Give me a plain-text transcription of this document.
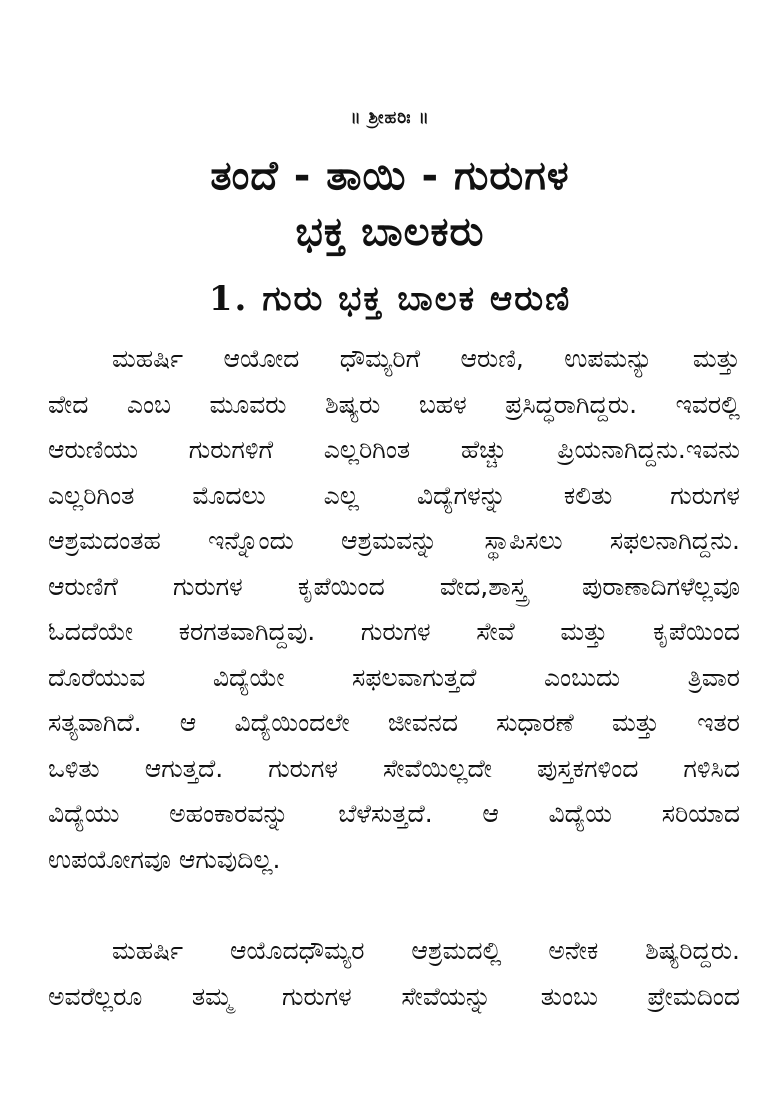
॥ ಶ್ರೀಹರಿಃ ॥
ತಂದೆ - ತಾಯಿ - ಗುರುಗಳ
ಭಕ್ತ ಬಾಲಕರು
1. ಗುರು ಭಕ್ತ ಬಾಲಕ ಆರುಣಿ

ಮಹರ್ಷಿ ಆಯೋದ ಧೌಮ್ಯರಿಗೆ ಆರುಣಿ, ಉಪಮನ್ಯು ಮತ್ತು
ವೇದ ಎಂಬ ಮೂವರು ಶಿಷ್ಯರು ಬಹಳ ಪ್ರಸಿದ್ಧರಾಗಿದ್ದರು. ಇವರಲ್ಲಿ
ಆರುಣಿಯು ಗುರುಗಳಿಗೆ ಎಲ್ಲರಿಗಿಂತ ಹೆಚ್ಚು ಪ್ರಿಯನಾಗಿದ್ದನು.ಇವನು
ಎಲ್ಲರಿಗಿಂತ ಮೊದಲು ಎಲ್ಲ ವಿದ್ಯೆಗಳನ್ನು ಕಲಿತು ಗುರುಗಳ
ಆಶ್ರಮದಂತಹ ಇನ್ನೊಂದು ಆಶ್ರಮವನ್ನು ಸ್ಥಾಪಿಸಲು ಸಫಲನಾಗಿದ್ದನು.
ಆರುಣಿಗೆ ಗುರುಗಳ ಕೃಪೆಯಿಂದ ವೇದ,ಶಾಸ್ತ್ರ ಪುರಾಣಾದಿಗಳೆಲ್ಲವೂ
ಓದದೆಯೇ ಕರಗತವಾಗಿದ್ದವು. ಗುರುಗಳ ಸೇವೆ ಮತ್ತು ಕೃಪೆಯಿಂದ
ದೊರೆಯುವ ವಿದ್ಯೆಯೇ ಸಫಲವಾಗುತ್ತದೆ ಎಂಬುದು ತ್ರಿವಾರ
ಸತ್ಯವಾಗಿದೆ. ಆ ವಿದ್ಯೆಯಿಂದಲೇ ಜೀವನದ ಸುಧಾರಣೆ ಮತ್ತು ಇತರ
ಒಳಿತು ಆಗುತ್ತದೆ. ಗುರುಗಳ ಸೇವೆಯಿಲ್ಲದೇ ಪುಸ್ತಕಗಳಿಂದ ಗಳಿಸಿದ
ವಿದ್ಯೆಯು ಅಹಂಕಾರವನ್ನು ಬೆಳೆಸುತ್ತದೆ. ಆ ವಿದ್ಯೆಯ ಸರಿಯಾದ
ಉಪಯೋಗವೂ ಆಗುವುದಿಲ್ಲ.

ಮಹರ್ಷಿ ಆಯೊದಧೌಮ್ಯರ ಆಶ್ರಮದಲ್ಲಿ ಅನೇಕ ಶಿಷ್ಯರಿದ್ದರು.
ಅವರೆಲ್ಲರೂ ತಮ್ಮ ಗುರುಗಳ ಸೇವೆಯನ್ನು ತುಂಬು ಪ್ರೇಮದಿಂದ
